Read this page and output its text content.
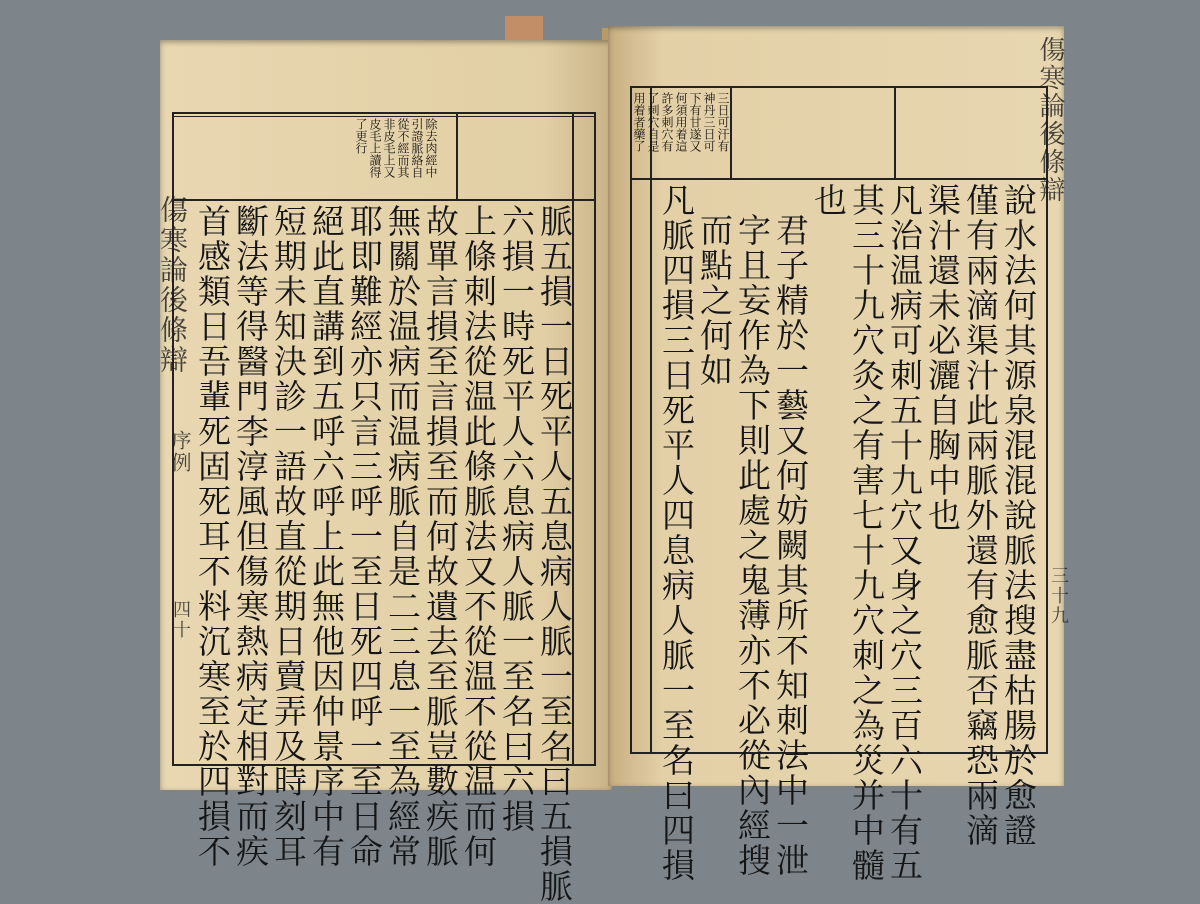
除去肉經中
引證脈絡自
從不經而其
非皮毛上又
皮毛上讀得
了更行
脈五損一日死平人五息病人脈一至名曰五損脈
六損一時死平人六息病人脈一至名曰六損
上條刺法從温此條脈法又不從温不從温而何
故單言損至言損至而何故遺去至脈豈數疾脈
無關於温病而温病脈自是二三息一至為經常
耶即難經亦只言三呼一至日死四呼一至日命
絕此直講到五呼六呼上此無他因仲景序中有
短期未知決診一語故直從期日賣弄及時刻耳
斷法等得醫門李淳風但傷寒熱病定相對而疾
首感類日吾輩死固死耳不料沉寒至於四損不
傷寒論後條辯
序例
四十
三日可汗有
神丹三日可
下有甘遂又
何須用着這
許多刺穴有
了刺穴自是
用着者藥了
說水法何其源泉混混說脈法搜盡枯腸於愈證
僅有兩滴渠汁此兩脈外還有愈脈否竊恐兩滴
渠汁還未必灑自胸中也
凡治温病可刺五十九穴又身之穴三百六十有五
其三十九穴灸之有害七十九穴刺之為災并中髓
也
君子精於一藝又何妨闕其所不知刺法中一泄
字且妄作為下則此處之鬼薄亦不必從內經搜
而點之何如
凡脈四損三日死平人四息病人脈一至名曰四損
傷寒論後條辯
三十九
